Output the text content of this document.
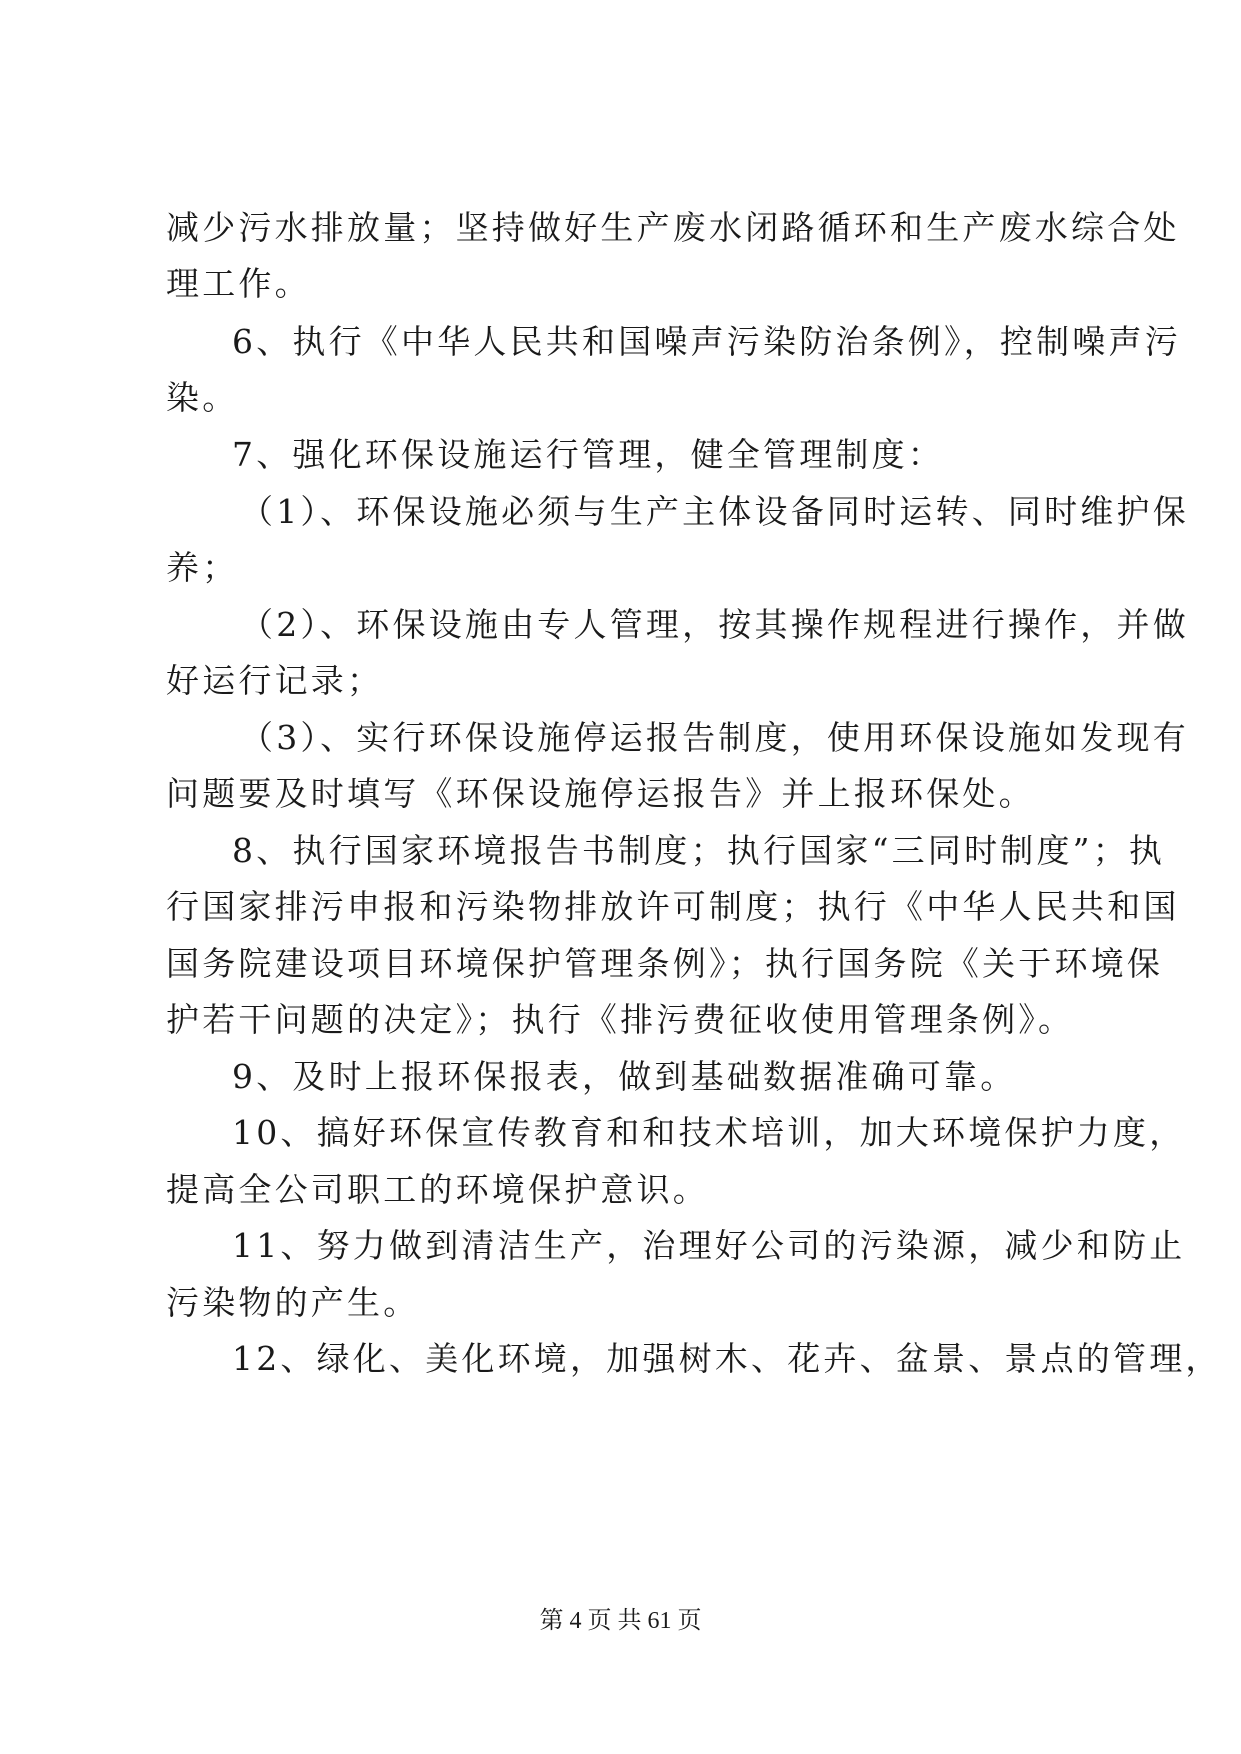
减少污水排放量；坚持做好生产废水闭路循环和生产废水综合处
理工作。
6、执行《中华人民共和国噪声污染防治条例》，控制噪声污
染。
7、强化环保设施运行管理，健全管理制度：
（1）、环保设施必须与生产主体设备同时运转、同时维护保
养；
（2）、环保设施由专人管理，按其操作规程进行操作，并做
好运行记录；
（3）、实行环保设施停运报告制度，使用环保设施如发现有
问题要及时填写《环保设施停运报告》并上报环保处。
8、执行国家环境报告书制度；执行国家“三同时制度”；执
行国家排污申报和污染物排放许可制度；执行《中华人民共和国
国务院建设项目环境保护管理条例》；执行国务院《关于环境保
护若干问题的决定》；执行《排污费征收使用管理条例》。
9、及时上报环保报表，做到基础数据准确可靠。
10、搞好环保宣传教育和和技术培训，加大环境保护力度，
提高全公司职工的环境保护意识。
11、努力做到清洁生产，治理好公司的污染源，减少和防止
污染物的产生。
12、绿化、美化环境，加强树木、花卉、盆景、景点的管理，
第 4 页 共 61 页
